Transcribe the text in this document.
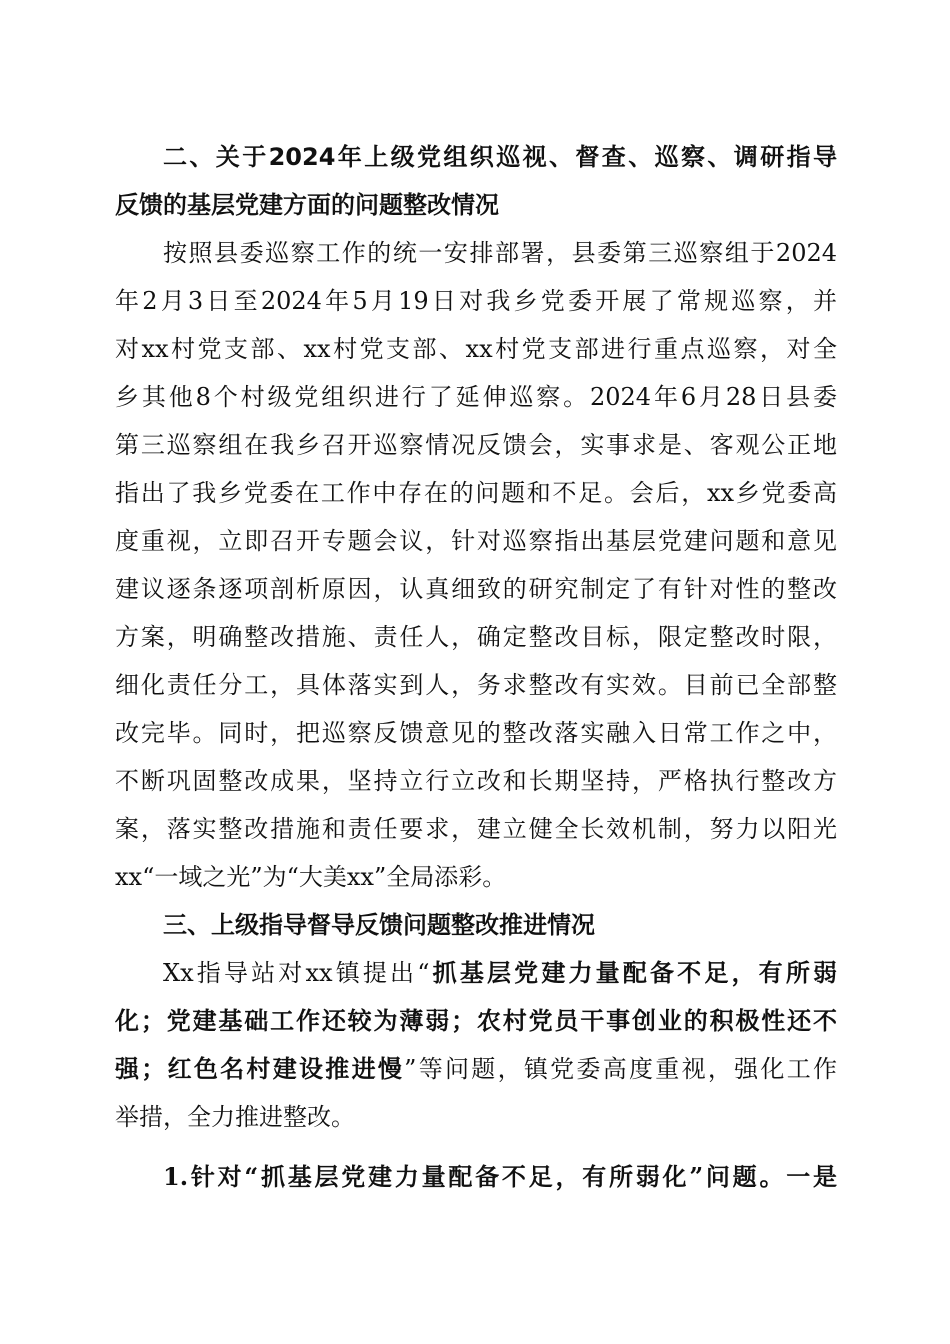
二、关于2024年上级党组织巡视、督查、巡察、调研指导
反馈的基层党建方面的问题整改情况
按照县委巡察工作的统一安排部署，县委第三巡察组于2024
年2月3日至2024年5月19日对我乡党委开展了常规巡察，并
对xx村党支部、xx村党支部、xx村党支部进行重点巡察，对全
乡其他8个村级党组织进行了延伸巡察。2024年6月28日县委
第三巡察组在我乡召开巡察情况反馈会，实事求是、客观公正地
指出了我乡党委在工作中存在的问题和不足。会后，xx乡党委高
度重视，立即召开专题会议，针对巡察指出基层党建问题和意见
建议逐条逐项剖析原因，认真细致的研究制定了有针对性的整改
方案，明确整改措施、责任人，确定整改目标，限定整改时限，
细化责任分工，具体落实到人，务求整改有实效。目前已全部整
改完毕。同时，把巡察反馈意见的整改落实融入日常工作之中，
不断巩固整改成果，坚持立行立改和长期坚持，严格执行整改方
案，落实整改措施和责任要求，建立健全长效机制，努力以阳光
xx“一域之光”为“大美xx”全局添彩。
三、上级指导督导反馈问题整改推进情况
Xx指导站对xx镇提出“抓基层党建力量配备不足，有所弱
化；党建基础工作还较为薄弱；农村党员干事创业的积极性还不
强；红色名村建设推进慢”等问题，镇党委高度重视，强化工作
举措，全力推进整改。
1.针对“抓基层党建力量配备不足，有所弱化”问题。一是
